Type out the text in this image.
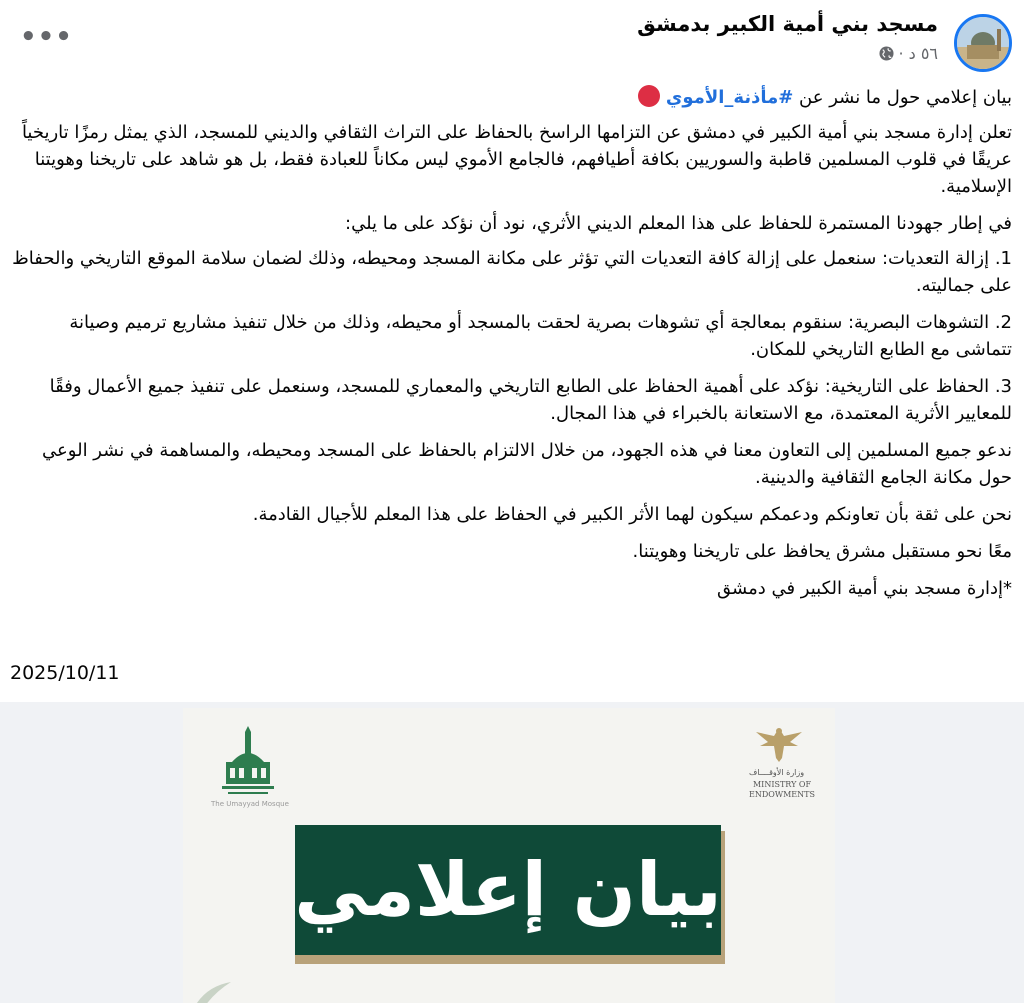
مسجد بني أمية الكبير بدمشق
٥٦ د
·
•••

بيان إعلامي حول ما نشر عن #مأذنة_الأموي

تعلن إدارة مسجد بني أمية الكبير في دمشق عن التزامها الراسخ بالحفاظ على التراث الثقافي والديني للمسجد، الذي يمثل رمزًا تاريخياً عريقًا في قلوب المسلمين قاطبة والسوريين بكافة أطيافهم، فالجامع الأموي ليس مكاناً للعبادة فقط، بل هو شاهد على تاريخنا وهويتنا الإسلامية.

في إطار جهودنا المستمرة للحفاظ على هذا المعلم الديني الأثري، نود أن نؤكد على ما يلي:

1. إزالة التعديات: سنعمل على إزالة كافة التعديات التي تؤثر على مكانة المسجد ومحيطه، وذلك لضمان سلامة الموقع التاريخي والحفاظ على جماليته.

2. التشوهات البصرية: سنقوم بمعالجة أي تشوهات بصرية لحقت بالمسجد أو محيطه، وذلك من خلال تنفيذ مشاريع ترميم وصيانة تتماشى مع الطابع التاريخي للمكان.

3. الحفاظ على التاريخية: نؤكد على أهمية الحفاظ على الطابع التاريخي والمعماري للمسجد، وسنعمل على تنفيذ جميع الأعمال وفقًا للمعايير الأثرية المعتمدة، مع الاستعانة بالخبراء في هذا المجال.

ندعو جميع المسلمين إلى التعاون معنا في هذه الجهود، من خلال الالتزام بالحفاظ على المسجد ومحيطه، والمساهمة في نشر الوعي حول مكانة الجامع الثقافية والدينية.

نحن على ثقة بأن تعاونكم ودعمكم سيكون لهما الأثر الكبير في الحفاظ على هذا المعلم للأجيال القادمة.

معًا نحو مستقبل مشرق يحافظ على تاريخنا وهويتنا.

*إدارة مسجد بني أمية الكبير في دمشق

2025/10/11
The Umayyad Mosque
وزارة الأوقــــاف
MINISTRY OF ENDOWMENTS
بيان إعلامي
